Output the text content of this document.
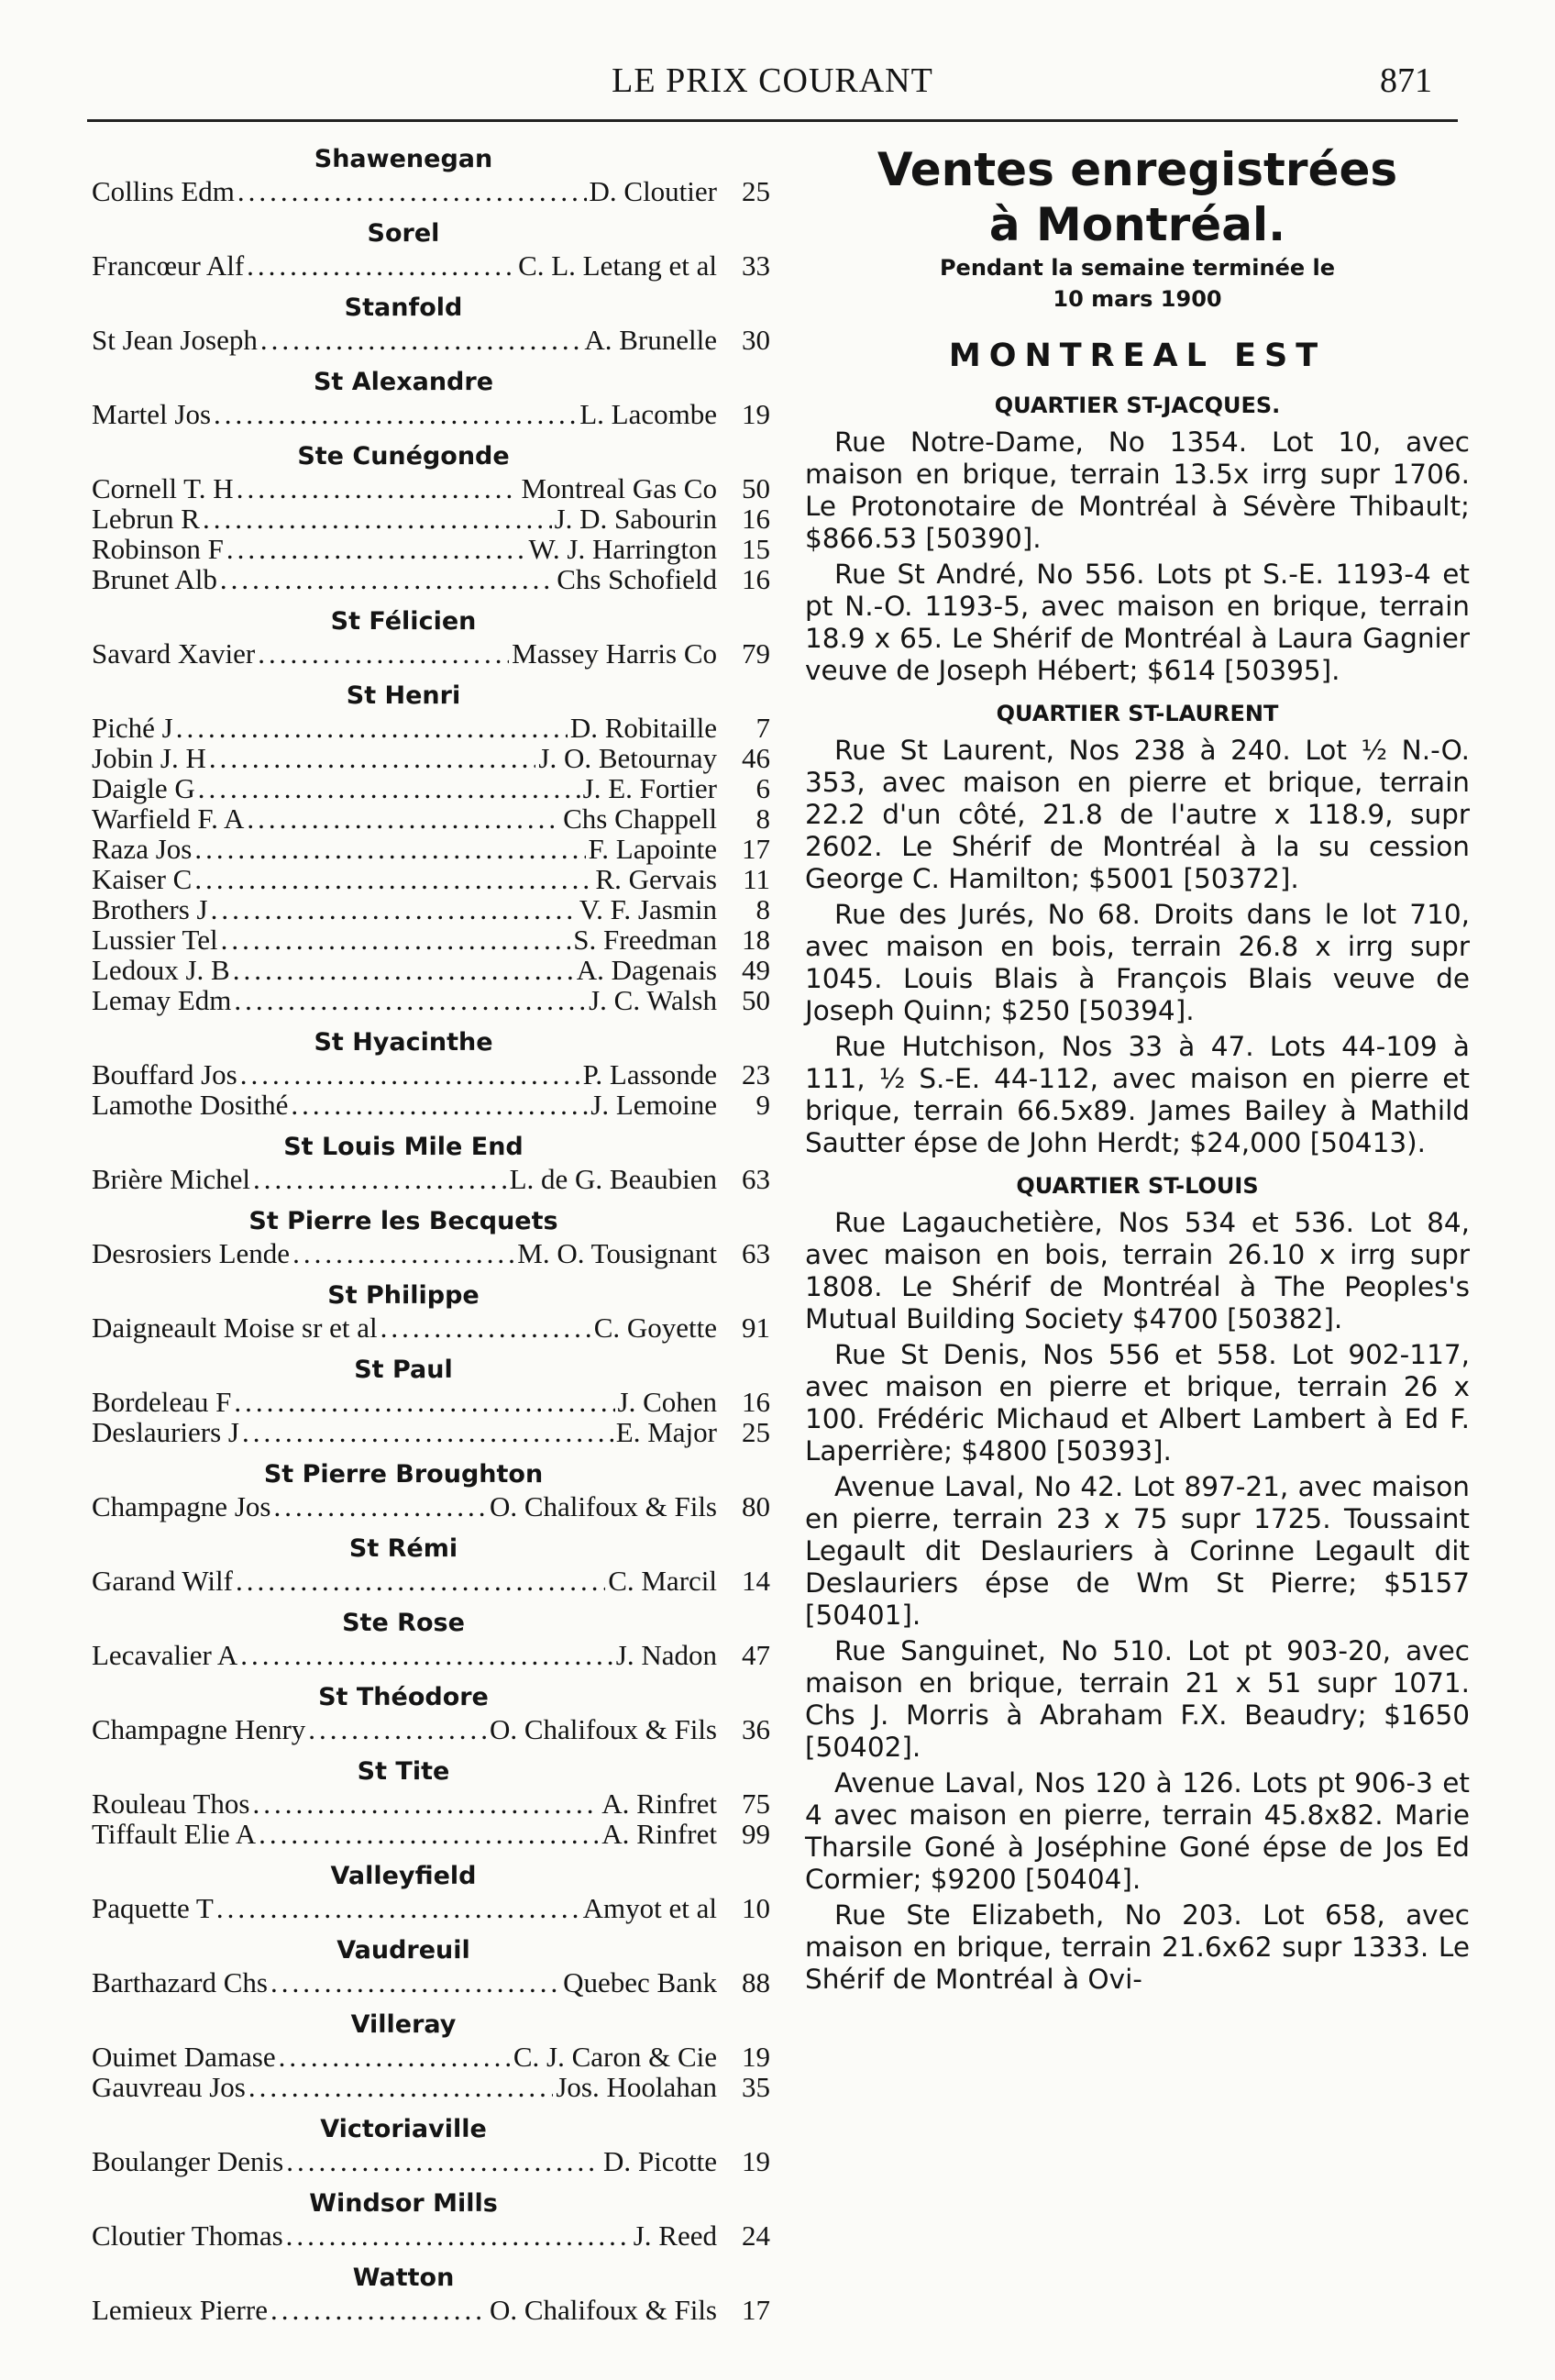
LE PRIX COURANT	871
Shawenegan
Collins Edm .....	D. Cloutier 25
Sorel
Francœur Alf .....	C. L. Letang et al 33
Stanfold
St Jean Joseph .....	A. Brunelle 30
St Alexandre
Martel Jos .....	L. Lacombe 19
Ste Cunégonde
Cornell T. H .....	Montreal Gas Co 50
Lebrun R .....	J. D. Sabourin 16
Robinson F .....	W. J. Harrington 15
Brunet Alb .....	Chs Schofield 16
St Félicien
Savard Xavier .....	Massey Harris Co 79
St Henri
Piché J .....	D. Robitaille	7
Jobin J. H .....	J. O. Betournay 46
Daigle G .....	J. E. Fortier	6
Warfield F. A .....	Chs Chappell	8
Raza Jos .....	F. Lapointe 17
Kaiser C .....	R. Gervais 11
Brothers J .....	V. F. Jasmin	8
Lussier Tel .....	S. Freedman 18
Ledoux J. B .....	A. Dagenais 49
Lemay Edm .....	J. C. Walsh 50
St Hyacinthe
Bouffard Jos .....	P. Lassonde 23
Lamothe Dosithé .....	J. Lemoine	9
St Louis Mile End
Brière Michel .....	L. de G. Beaubien 63
St Pierre les Becquets
Desrosiers Lende .....	M. O. Tousignant 63
St Philippe
Daigneault Moise sr et al .....	C. Goyette 91
St Paul
Bordeleau F .....	J. Cohen 16
Deslauriers J .....	E. Major 25
St Pierre Broughton
Champagne Jos .....	O. Chalifoux & Fils 80
St Rémi
Garand Wilf .....	C. Marcil 14
Ste Rose
Lecavalier A .....	J. Nadon 47
St Théodore
Champagne Henry .....	O. Chalifoux & Fils 36
St Tite
Rouleau Thos .....	A. Rinfret 75
Tiffault Elie A .....	A. Rinfret 99
Valleyfield
Paquette T .....	Amyot et al 10
Vaudreuil
Barthazard Chs .....	Quebec Bank 88
Villeray
Ouimet Damase .....	C. J. Caron & Cie 19
Gauvreau Jos .....	Jos. Hoolahan 35
Victoriaville
Boulanger Denis .....	D. Picotte 19
Windsor Mills
Cloutier Thomas .....	J. Reed 24
Watton
Lemieux Pierre .....	O. Chalifoux & Fils 17
Ventes enregistrées
à Montréal.
Pendant la semaine terminée le
10 mars 1900
MONTREAL EST
QUARTIER ST-JACQUES.

Rue Notre-Dame, No 1354. Lot 10, avec maison en brique, terrain 13.5x irrg supr 1706. Le Protonotaire de Montréal à Sévère Thibault; $866.53 [50390].

Rue St André, No 556. Lots pt S.-E. 1193-4 et pt N.-O. 1193-5, avec maison en brique, terrain 18.9 x 65. Le Shérif de Montréal à Laura Gagnier veuve de Joseph Hébert; $614 [50395].

QUARTIER ST-LAURENT

Rue St Laurent, Nos 238 à 240. Lot ½ N.-O. 353, avec maison en pierre et brique, terrain 22.2 d'un côté, 21.8 de l'autre x 118.9, supr 2602. Le Shérif de Montréal à la su cession George C. Hamilton; $5001 [50372].

Rue des Jurés, No 68. Droits dans le lot 710, avec maison en bois, terrain 26.8 x irrg supr 1045. Louis Blais à François Blais veuve de Joseph Quinn; $250 [50394].

Rue Hutchison, Nos 33 à 47. Lots 44-109 à 111, ½ S.-E. 44-112, avec maison en pierre et brique, terrain 66.5x89. James Bailey à Mathild Sautter épse de John Herdt; $24,000 [50413).

QUARTIER ST-LOUIS

Rue Lagauchetière, Nos 534 et 536. Lot 84, avec maison en bois, terrain 26.10 x irrg supr 1808. Le Shérif de Montréal à The Peoples's Mutual Building Society $4700 [50382].

Rue St Denis, Nos 556 et 558. Lot 902-117, avec maison en pierre et brique, terrain 26 x 100. Frédéric Michaud et Albert Lambert à Ed F. Laperrière; $4800 [50393].

Avenue Laval, No 42. Lot 897-21, avec maison en pierre, terrain 23 x 75 supr 1725. Toussaint Legault dit Deslauriers à Corinne Legault dit Deslauriers épse de Wm St Pierre; $5157 [50401].

Rue Sanguinet, No 510. Lot pt 903-20, avec maison en brique, terrain 21 x 51 supr 1071. Chs J. Morris à Abraham F.X. Beaudry; $1650 [50402].

Avenue Laval, Nos 120 à 126. Lots pt 906-3 et 4 avec maison en pierre, terrain 45.8x82. Marie Tharsile Goné à Joséphine Goné épse de Jos Ed Cormier; $9200 [50404].

Rue Ste Elizabeth, No 203. Lot 658, avec maison en brique, terrain 21.6x62 supr 1333. Le Shérif de Montréal à Ovi-
